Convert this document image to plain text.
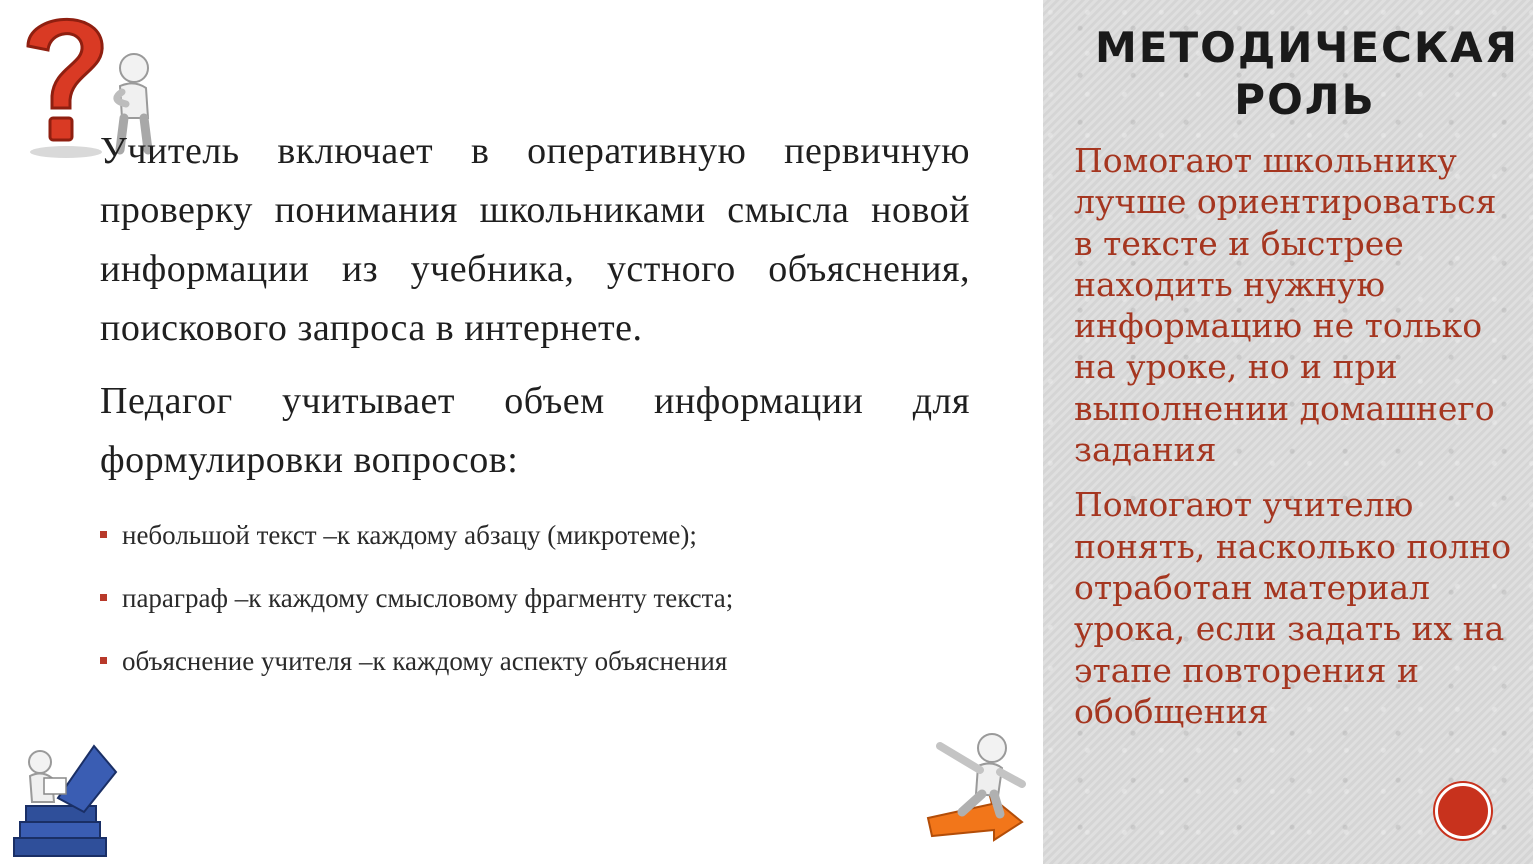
Учитель включает в оперативную первичную проверку понимания школьниками смысла новой информации из учебника, устного объяснения, поискового запроса в интернете.

Педагог учитывает объем информации для формулировки вопросов:

небольшой текст –к каждому абзацу (микротеме);
параграф –к каждому смысловому фрагменту текста;
объяснение учителя –к каждому аспекту объяснения
МЕТОДИЧЕСКАЯ РОЛЬ

Помогают школьнику лучше ориентироваться в тексте и быстрее находить нужную информацию не только на уроке, но и при выполнении домашнего задания

Помогают учителю понять, насколько полно отработан материал урока, если задать их на этапе повторения и обобщения
